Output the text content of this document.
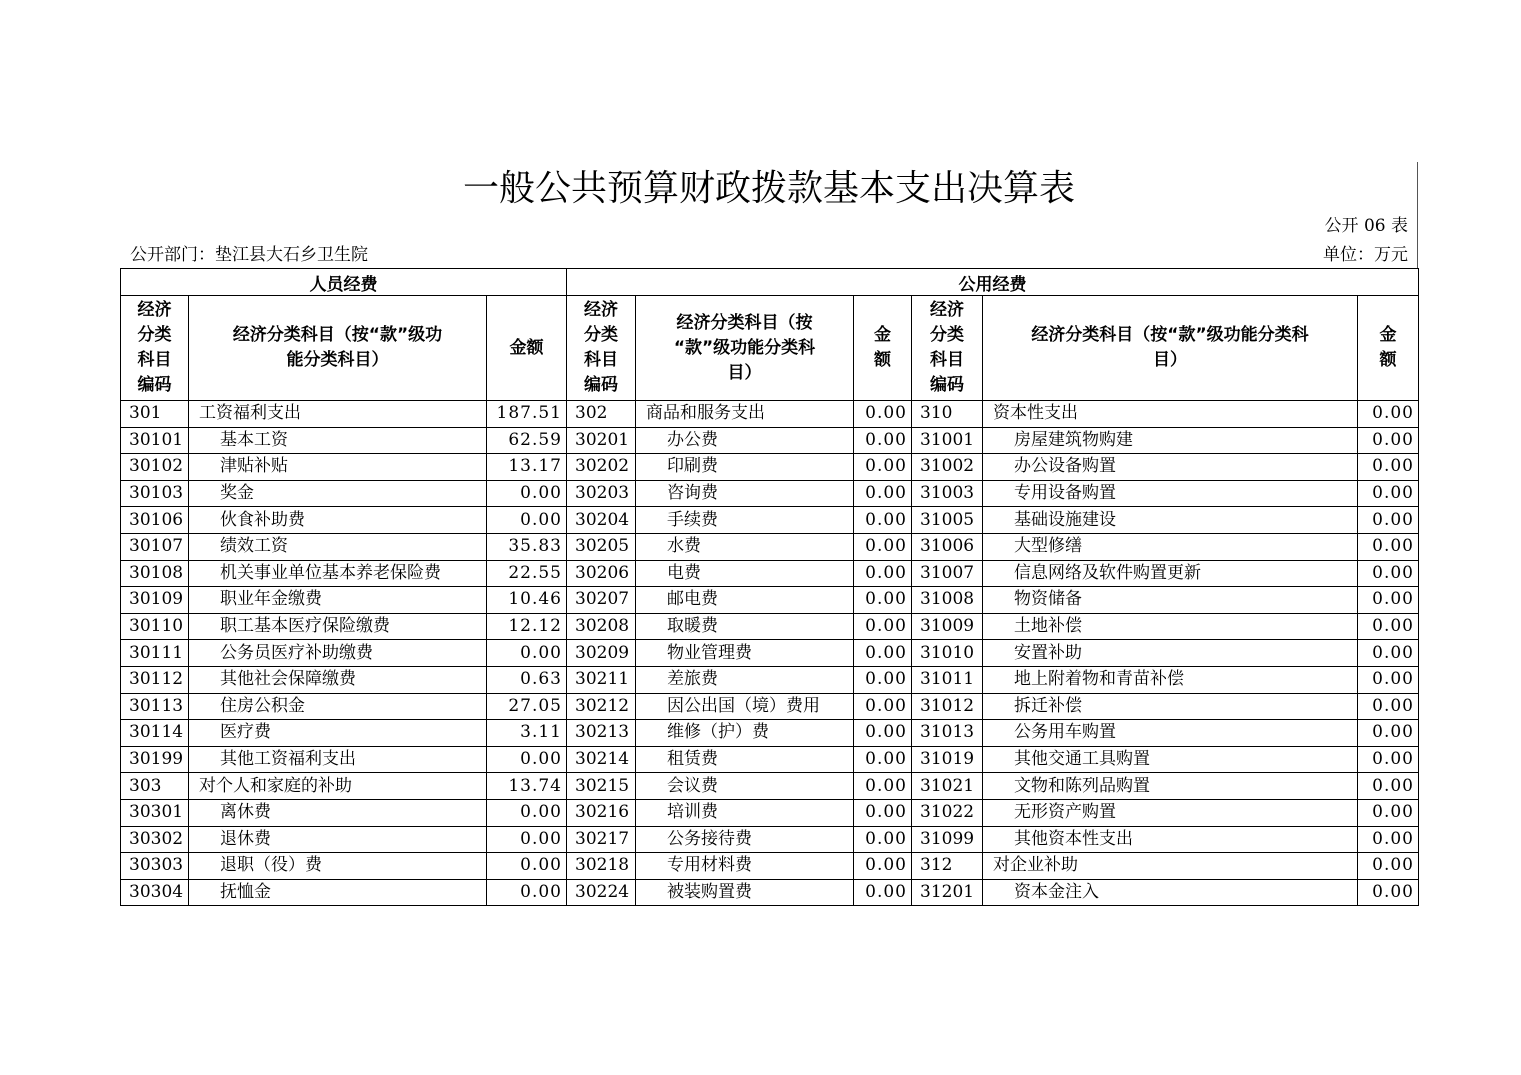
一般公共预算财政拨款基本支出决算表
公开 06 表
公开部门：垫江县大石乡卫生院	单位：万元
人员经费			公用经费					

经济
分类
科目
编码	经济分类科目（按“款”级功
能分类科目）	金额	经济
分类
科目
编码	经济分类科目（按
“款”级功能分类科
目）	金
额	经济
分类
科目
编码	经济分类科目（按“款”级功能分类科
目）	金
额

301	工资福利支出	187.51	302	商品和服务支出	0.00	310	资本性支出	0.00
30101	基本工资	62.59	30201	办公费	0.00	31001	房屋建筑物购建	0.00
30102	津贴补贴	13.17	30202	印刷费	0.00	31002	办公设备购置	0.00
30103	奖金	0.00	30203	咨询费	0.00	31003	专用设备购置	0.00
30106	伙食补助费	0.00	30204	手续费	0.00	31005	基础设施建设	0.00
30107	绩效工资	35.83	30205	水费	0.00	31006	大型修缮	0.00
30108	机关事业单位基本养老保险费	22.55	30206	电费	0.00	31007	信息网络及软件购置更新	0.00
30109	职业年金缴费	10.46	30207	邮电费	0.00	31008	物资储备	0.00
30110	职工基本医疗保险缴费	12.12	30208	取暖费	0.00	31009	土地补偿	0.00
30111	公务员医疗补助缴费	0.00	30209	物业管理费	0.00	31010	安置补助	0.00
30112	其他社会保障缴费	0.63	30211	差旅费	0.00	31011	地上附着物和青苗补偿	0.00
30113	住房公积金	27.05	30212	因公出国（境）费用	0.00	31012	拆迁补偿	0.00
30114	医疗费	3.11	30213	维修（护）费	0.00	31013	公务用车购置	0.00
30199	其他工资福利支出	0.00	30214	租赁费	0.00	31019	其他交通工具购置	0.00
303	对个人和家庭的补助	13.74	30215	会议费	0.00	31021	文物和陈列品购置	0.00
30301	离休费	0.00	30216	培训费	0.00	31022	无形资产购置	0.00
30302	退休费	0.00	30217	公务接待费	0.00	31099	其他资本性支出	0.00
30303	退职（役）费	0.00	30218	专用材料费	0.00	312	对企业补助	0.00
30304	抚恤金	0.00	30224	被装购置费	0.00	31201	资本金注入	0.00
